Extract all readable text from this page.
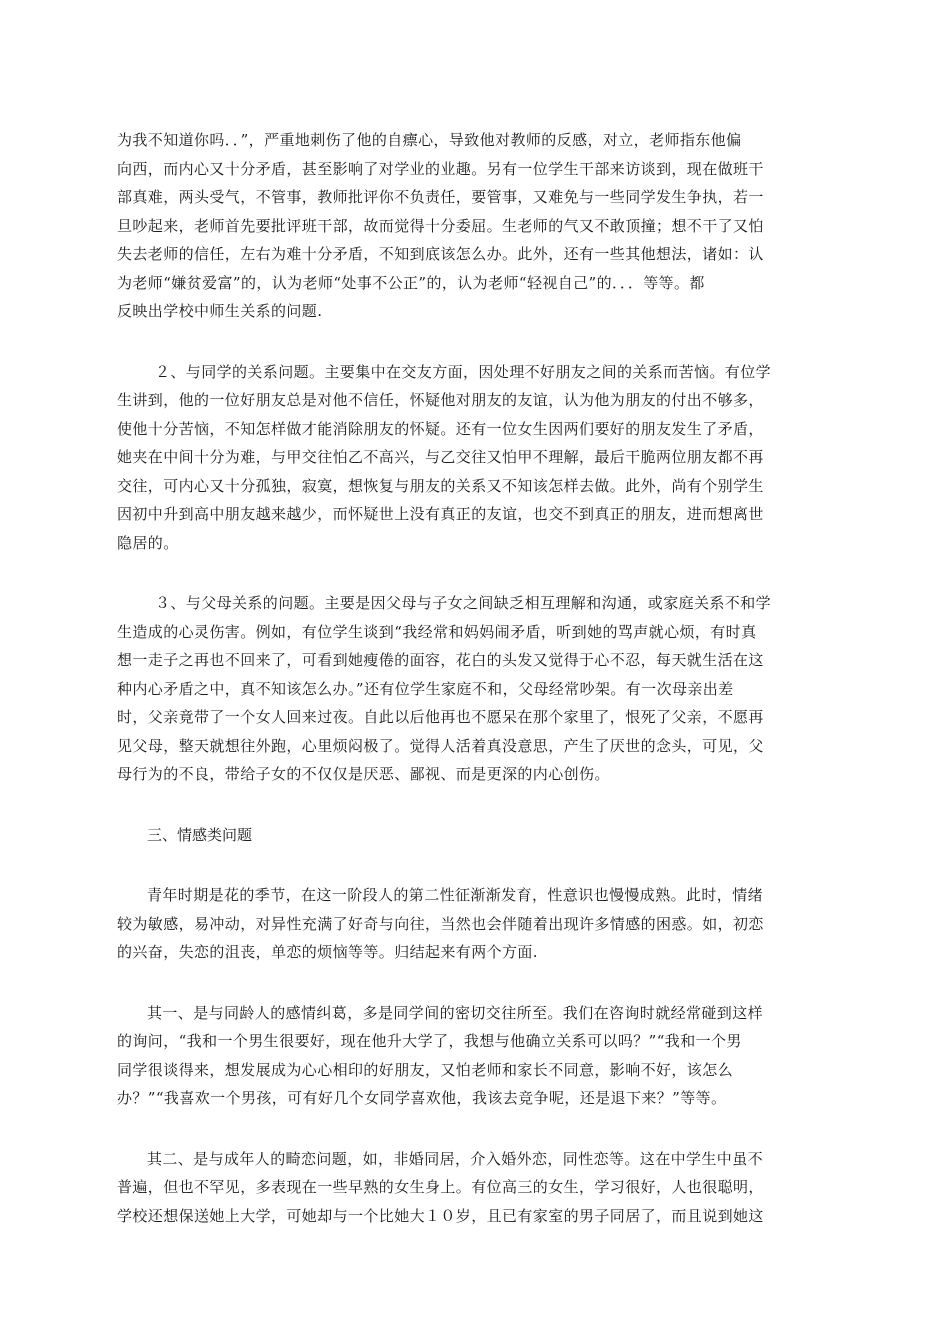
为我不知道你吗．．”，严重地刺伤了他的自瘭心，导致他对教师的反感，对立，老师指东他偏
向西，而内心又十分矛盾，甚至影响了对学业的业趣。另有一位学生干部来访谈到，现在做班干
部真难，两头受气，不管事，教师批评你不负责任，要管事，又难免与一些同学发生争执，若一
旦吵起来，老师首先要批评班干部，故而觉得十分委屈。生老师的气又不敢顶撞；想不干了又怕
失去老师的信任，左右为难十分矛盾，不知到底该怎么办。此外，还有一些其他想法，诸如：认
为老师“嫌贫爱富”的，认为老师“处事不公正”的，认为老师“轻视自己”的．．．等等。都
反映出学校中师生关系的问题.
２、与同学的关系问题。主要集中在交友方面，因处理不好朋友之间的关系而苦恼。有位学
生讲到，他的一位好朋友总是对他不信任，怀疑他对朋友的友谊，认为他为朋友的付出不够多，
使他十分苦恼，不知怎样做才能消除朋友的怀疑。还有一位女生因两们要好的朋友发生了矛盾，
她夹在中间十分为难，与甲交往怕乙不高兴，与乙交往又怕甲不理解，最后干脆两位朋友都不再
交往，可内心又十分孤独，寂寞，想恢复与朋友的关系又不知该怎样去做。此外，尚有个别学生
因初中升到高中朋友越来越少，而怀疑世上没有真正的友谊，也交不到真正的朋友，进而想离世
隐居的。
３、与父母关系的问题。主要是因父母与子女之间缺乏相互理解和沟通，或家庭关系不和学
生造成的心灵伤害。例如，有位学生谈到“我经常和妈妈闹矛盾，听到她的骂声就心烦，有时真
想一走子之再也不回来了，可看到她瘦倦的面容，花白的头发又觉得于心不忍，每天就生活在这
种内心矛盾之中，真不知该怎么办。”还有位学生家庭不和，父母经常吵架。有一次母亲出差
时，父亲竟带了一个女人回来过夜。自此以后他再也不愿呆在那个家里了，恨死了父亲，不愿再
见父母，整天就想往外跑，心里烦闷极了。觉得人活着真没意思，产生了厌世的念头，可见，父
母行为的不良，带给子女的不仅仅是厌恶、鄙视、而是更深的内心创伤。
三、情感类问题
青年时期是花的季节，在这一阶段人的第二性征渐渐发育，性意识也慢慢成熟。此时，情绪
较为敏感，易冲动，对异性充满了好奇与向往，当然也会伴随着出现许多情感的困惑。如，初恋
的兴奋，失恋的沮丧，单恋的烦恼等等。归结起来有两个方面.
其一、是与同龄人的感情纠葛，多是同学间的密切交往所至。我们在咨询时就经常碰到这样
的询问，“我和一个男生很要好，现在他升大学了，我想与他确立关系可以吗？”“我和一个男
同学很谈得来，想发展成为心心相印的好朋友，又怕老师和家长不同意，影响不好，该怎么
办？”“我喜欢一个男孩，可有好几个女同学喜欢他，我该去竞争呢，还是退下来？”等等。
其二、是与成年人的畸恋问题，如，非婚同居，介入婚外恋，同性恋等。这在中学生中虽不
普遍，但也不罕见，多表现在一些早熟的女生身上。有位高三的女生，学习很好，人也很聪明，
学校还想保送她上大学，可她却与一个比她大１０岁，且已有家室的男子同居了，而且说到她这
